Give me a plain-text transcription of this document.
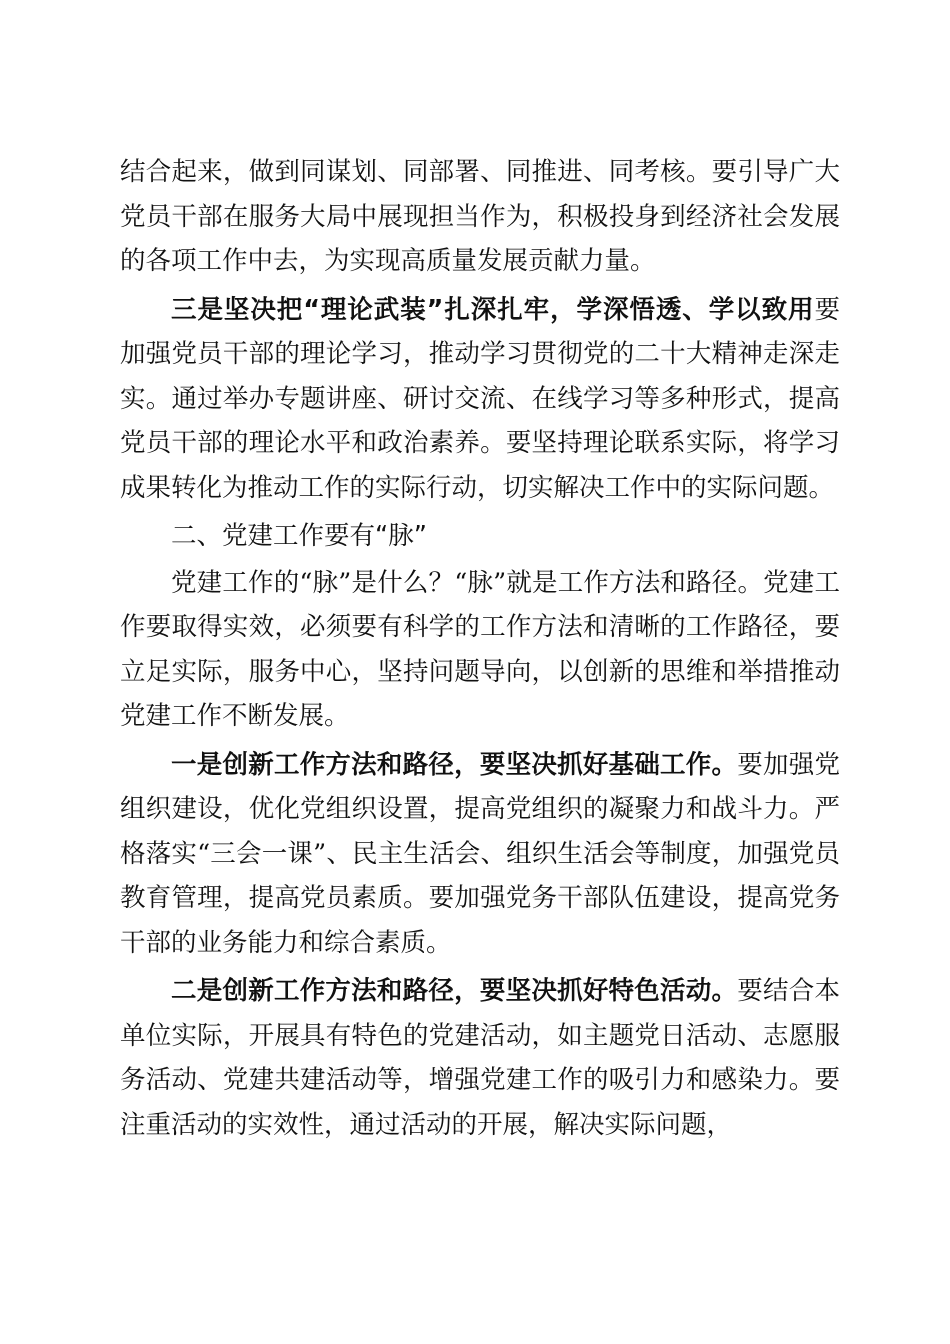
结合起来，做到同谋划、同部署、同推进、同考核。要引导广大党员干部在服务大局中展现担当作为，积极投身到经济社会发展的各项工作中去，为实现高质量发展贡献力量。

三是坚决把“理论武装”扎深扎牢，学深悟透、学以致用要加强党员干部的理论学习，推动学习贯彻党的二十大精神走深走实。通过举办专题讲座、研讨交流、在线学习等多种形式，提高党员干部的理论水平和政治素养。要坚持理论联系实际，将学习成果转化为推动工作的实际行动，切实解决工作中的实际问题。

二、党建工作要有“脉”

党建工作的“脉”是什么？“脉”就是工作方法和路径。党建工作要取得实效，必须要有科学的工作方法和清晰的工作路径，要立足实际，服务中心，坚持问题导向，以创新的思维和举措推动党建工作不断发展。

一是创新工作方法和路径，要坚决抓好基础工作。要加强党组织建设，优化党组织设置，提高党组织的凝聚力和战斗力。严格落实“三会一课”、民主生活会、组织生活会等制度，加强党员教育管理，提高党员素质。要加强党务干部队伍建设，提高党务干部的业务能力和综合素质。

二是创新工作方法和路径，要坚决抓好特色活动。要结合本单位实际，开展具有特色的党建活动，如主题党日活动、志愿服务活动、党建共建活动等，增强党建工作的吸引力和感染力。要注重活动的实效性，通过活动的开展，解决实际问题，
